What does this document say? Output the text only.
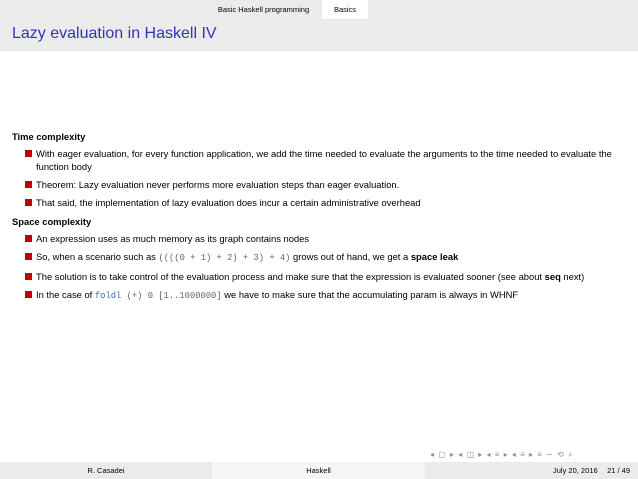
Basic Haskell programming	Basics
Lazy evaluation in Haskell IV

Time complexity

With eager evaluation, for every function application, we add the time needed to evaluate the arguments to the time needed to evaluate the function body
Theorem: Lazy evaluation never performs more evaluation steps than eager evaluation.
That said, the implementation of lazy evaluation does incur a certain administrative overhead

Space complexity

An expression uses as much memory as its graph contains nodes
So, when a scenario such as ((((0 + 1) + 2) + 3) + 4) grows out of hand, we get a space leak
The solution is to take control of the evaluation process and make sure that the expression is evaluated sooner (see about seq next)
In the case of foldl (+) 0 [1..1000000] we have to make sure that the accumulating param is always in WHNF
◂ ▢ ▸ ◂ ◫ ▸ ◂ ≡ ▸ ◂ ≡ ▸ ≡ ∽ ⟲ ⌕
R. Casadei	Haskell	July 20, 2016 21 / 49
